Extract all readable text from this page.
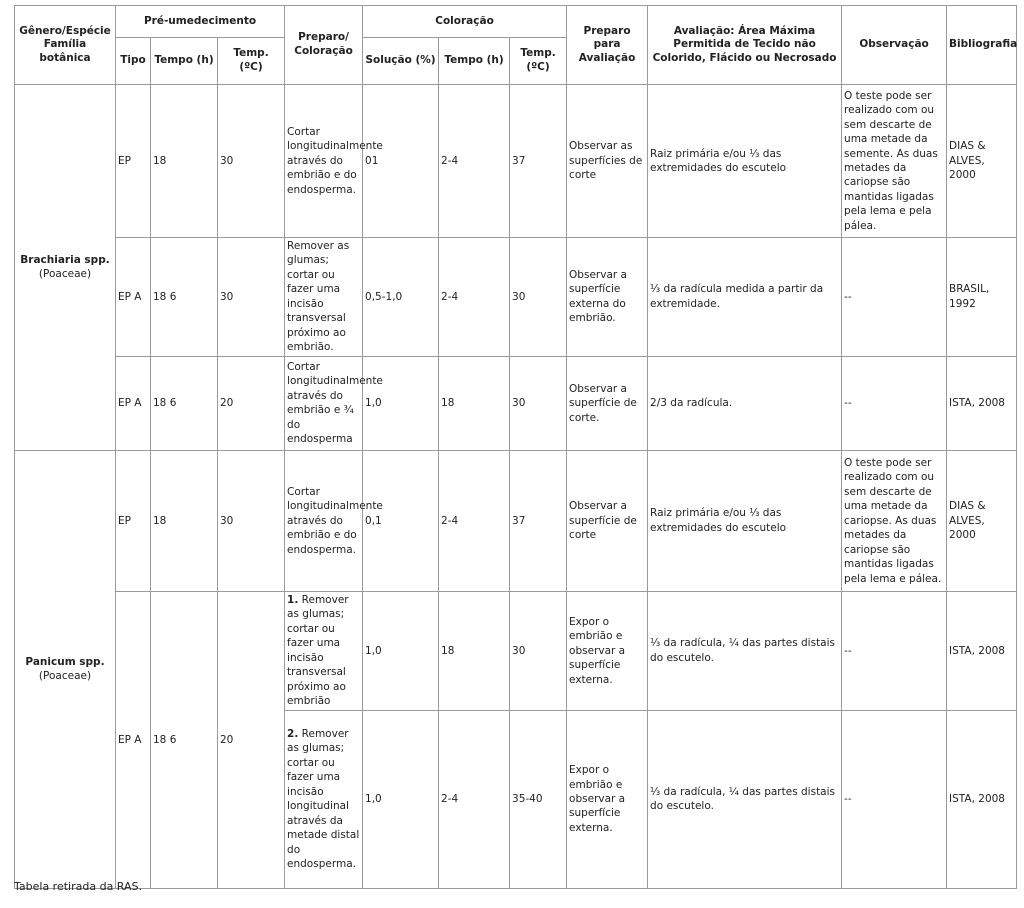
Gênero/Espécie Família botânica	Pré-umedecimento			Preparo/ Coloração	Coloração			Preparo para Avaliação	Avaliação: Área Máxima Permitida de Tecido não Colorido, Flácido ou Necrosado	Observação	Bibliografia
	Tipo	Tempo (h)	Temp. (ºC)		Solução (%)	Tempo (h)	Temp. (ºC)				

Brachiaria spp.
(Poaceae)	EP	18	30	Cortar longitudinalmente através do embrião e do endosperma.	01	2-4	37	Observar as superfícies de corte	Raiz primária e/ou ⅓ das extremidades do escutelo	O teste pode ser realizado com ou sem descarte de uma metade da semente. As duas metades da cariopse são mantidas ligadas pela lema e pela pálea.	DIAS & ALVES, 2000
	EP A	18 6	30	Remover as glumas; cortar ou fazer uma incisão transversal próximo ao embrião.	0,5-1,0	2-4	30	Observar a superfície externa do embrião.	⅓ da radícula medida a partir da extremidade.	--	BRASIL, 1992
	EP A	18 6	20	Cortar longitudinalmente através do embrião e ¾ do endosperma	1,0	18	30	Observar a superfície de corte.	2/3 da radícula.	--	ISTA, 2008

Panicum spp.
(Poaceae)	EP	18	30	Cortar longitudinalmente através do embrião e do endosperma.	0,1	2-4	37	Observar a superfície de corte	Raiz primária e/ou ⅓ das extremidades do escutelo	O teste pode ser realizado com ou sem descarte de uma metade da cariopse. As duas metades da cariopse são mantidas ligadas pela lema e pálea.	DIAS & ALVES, 2000
	EP A	18 6	20	1. Remover as glumas; cortar ou fazer uma incisão transversal próximo ao embrião	1,0	18	30	Expor o embrião e observar a superfície externa.	⅓ da radícula, ¼ das partes distais do escutelo.	--	ISTA, 2008
				2. Remover as glumas; cortar ou fazer uma incisão longitudinal através da metade distal do endosperma.	1,0	2-4	35-40	Expor o embrião e observar a superfície externa.	⅓ da radícula, ¼ das partes distais do escutelo.	--	ISTA, 2008
Tabela retirada da RAS.
